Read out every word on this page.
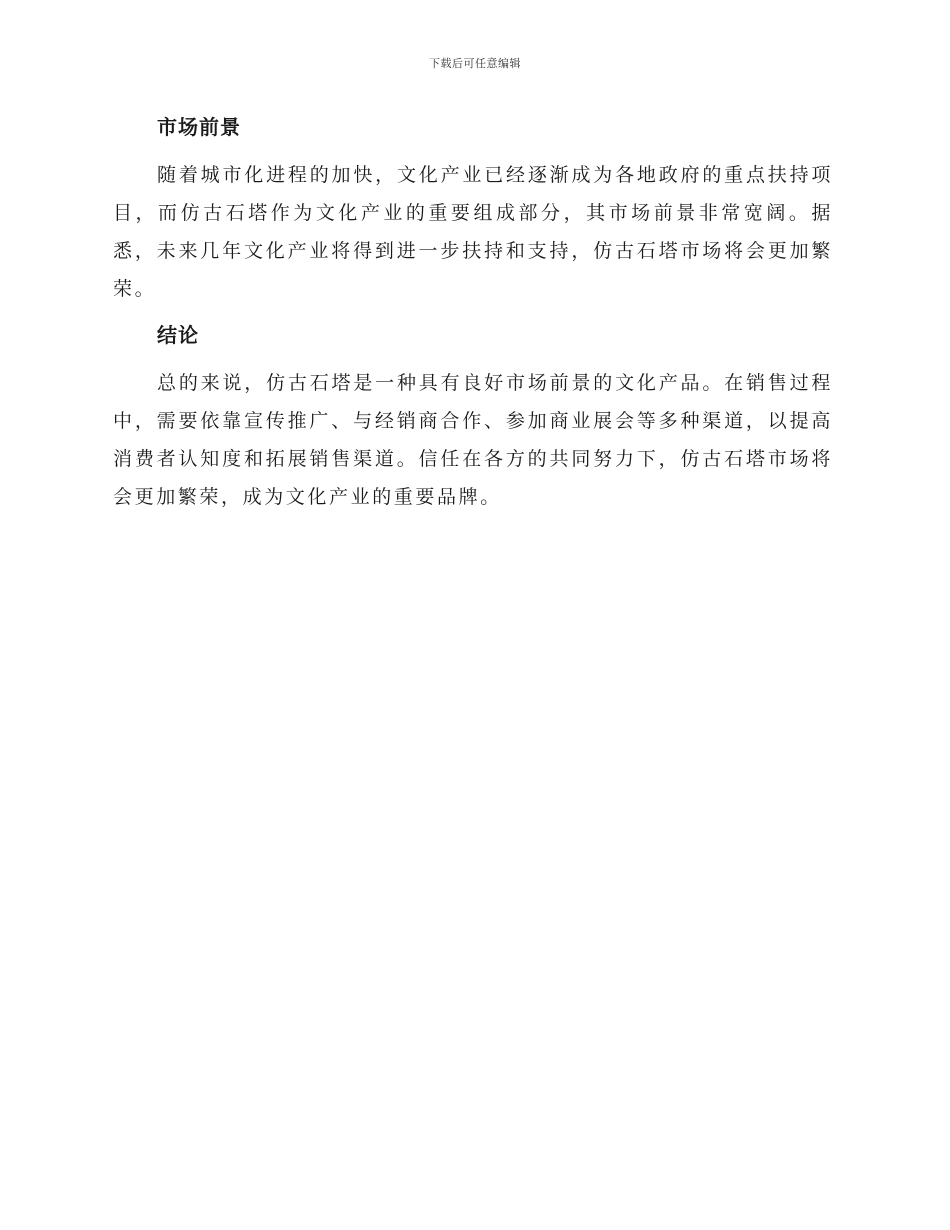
下载后可任意编辑
市场前景

随着城市化进程的加快，文化产业已经逐渐成为各地政府的重点扶持项目，而仿古石塔作为文化产业的重要组成部分，其市场前景非常宽阔。据悉，未来几年文化产业将得到进一步扶持和支持，仿古石塔市场将会更加繁荣。

结论

总的来说，仿古石塔是一种具有良好市场前景的文化产品。在销售过程中，需要依靠宣传推广、与经销商合作、参加商业展会等多种渠道，以提高消费者认知度和拓展销售渠道。信任在各方的共同努力下，仿古石塔市场将会更加繁荣，成为文化产业的重要品牌。
